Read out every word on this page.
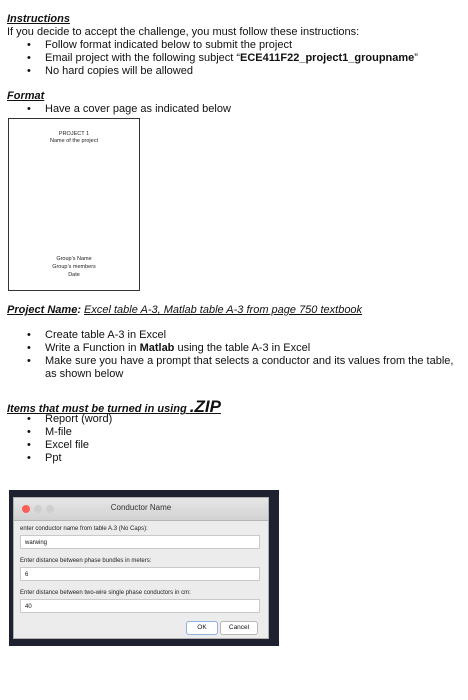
Instructions
If you decide to accept the challenge, you must follow these instructions:
• Follow format indicated below to submit the project
• Email project with the following subject “ECE411F22_project1_groupname”
• No hard copies will be allowed
Format
• Have a cover page as indicated below
PROJECT 1
Name of the project
Group’s Name
Group’s members
Date
Project Name: Excel table A-3, Matlab table A-3 from page 750 textbook
• Create table A-3 in Excel
• Write a Function in Matlab using the table A-3 in Excel
• Make sure you have a prompt that selects a conductor and its values from the table, as shown below
Items that must be turned in using .ZIP
• Report (word)
• M-file
• Excel file
• Ppt
Conductor Name
enter conductor name from table A.3 (No Caps):
warwing
Enter distance between phase bundles in meters:
6
Enter distance between two-wire single phase conductors in cm:
40
OK	Cancel
